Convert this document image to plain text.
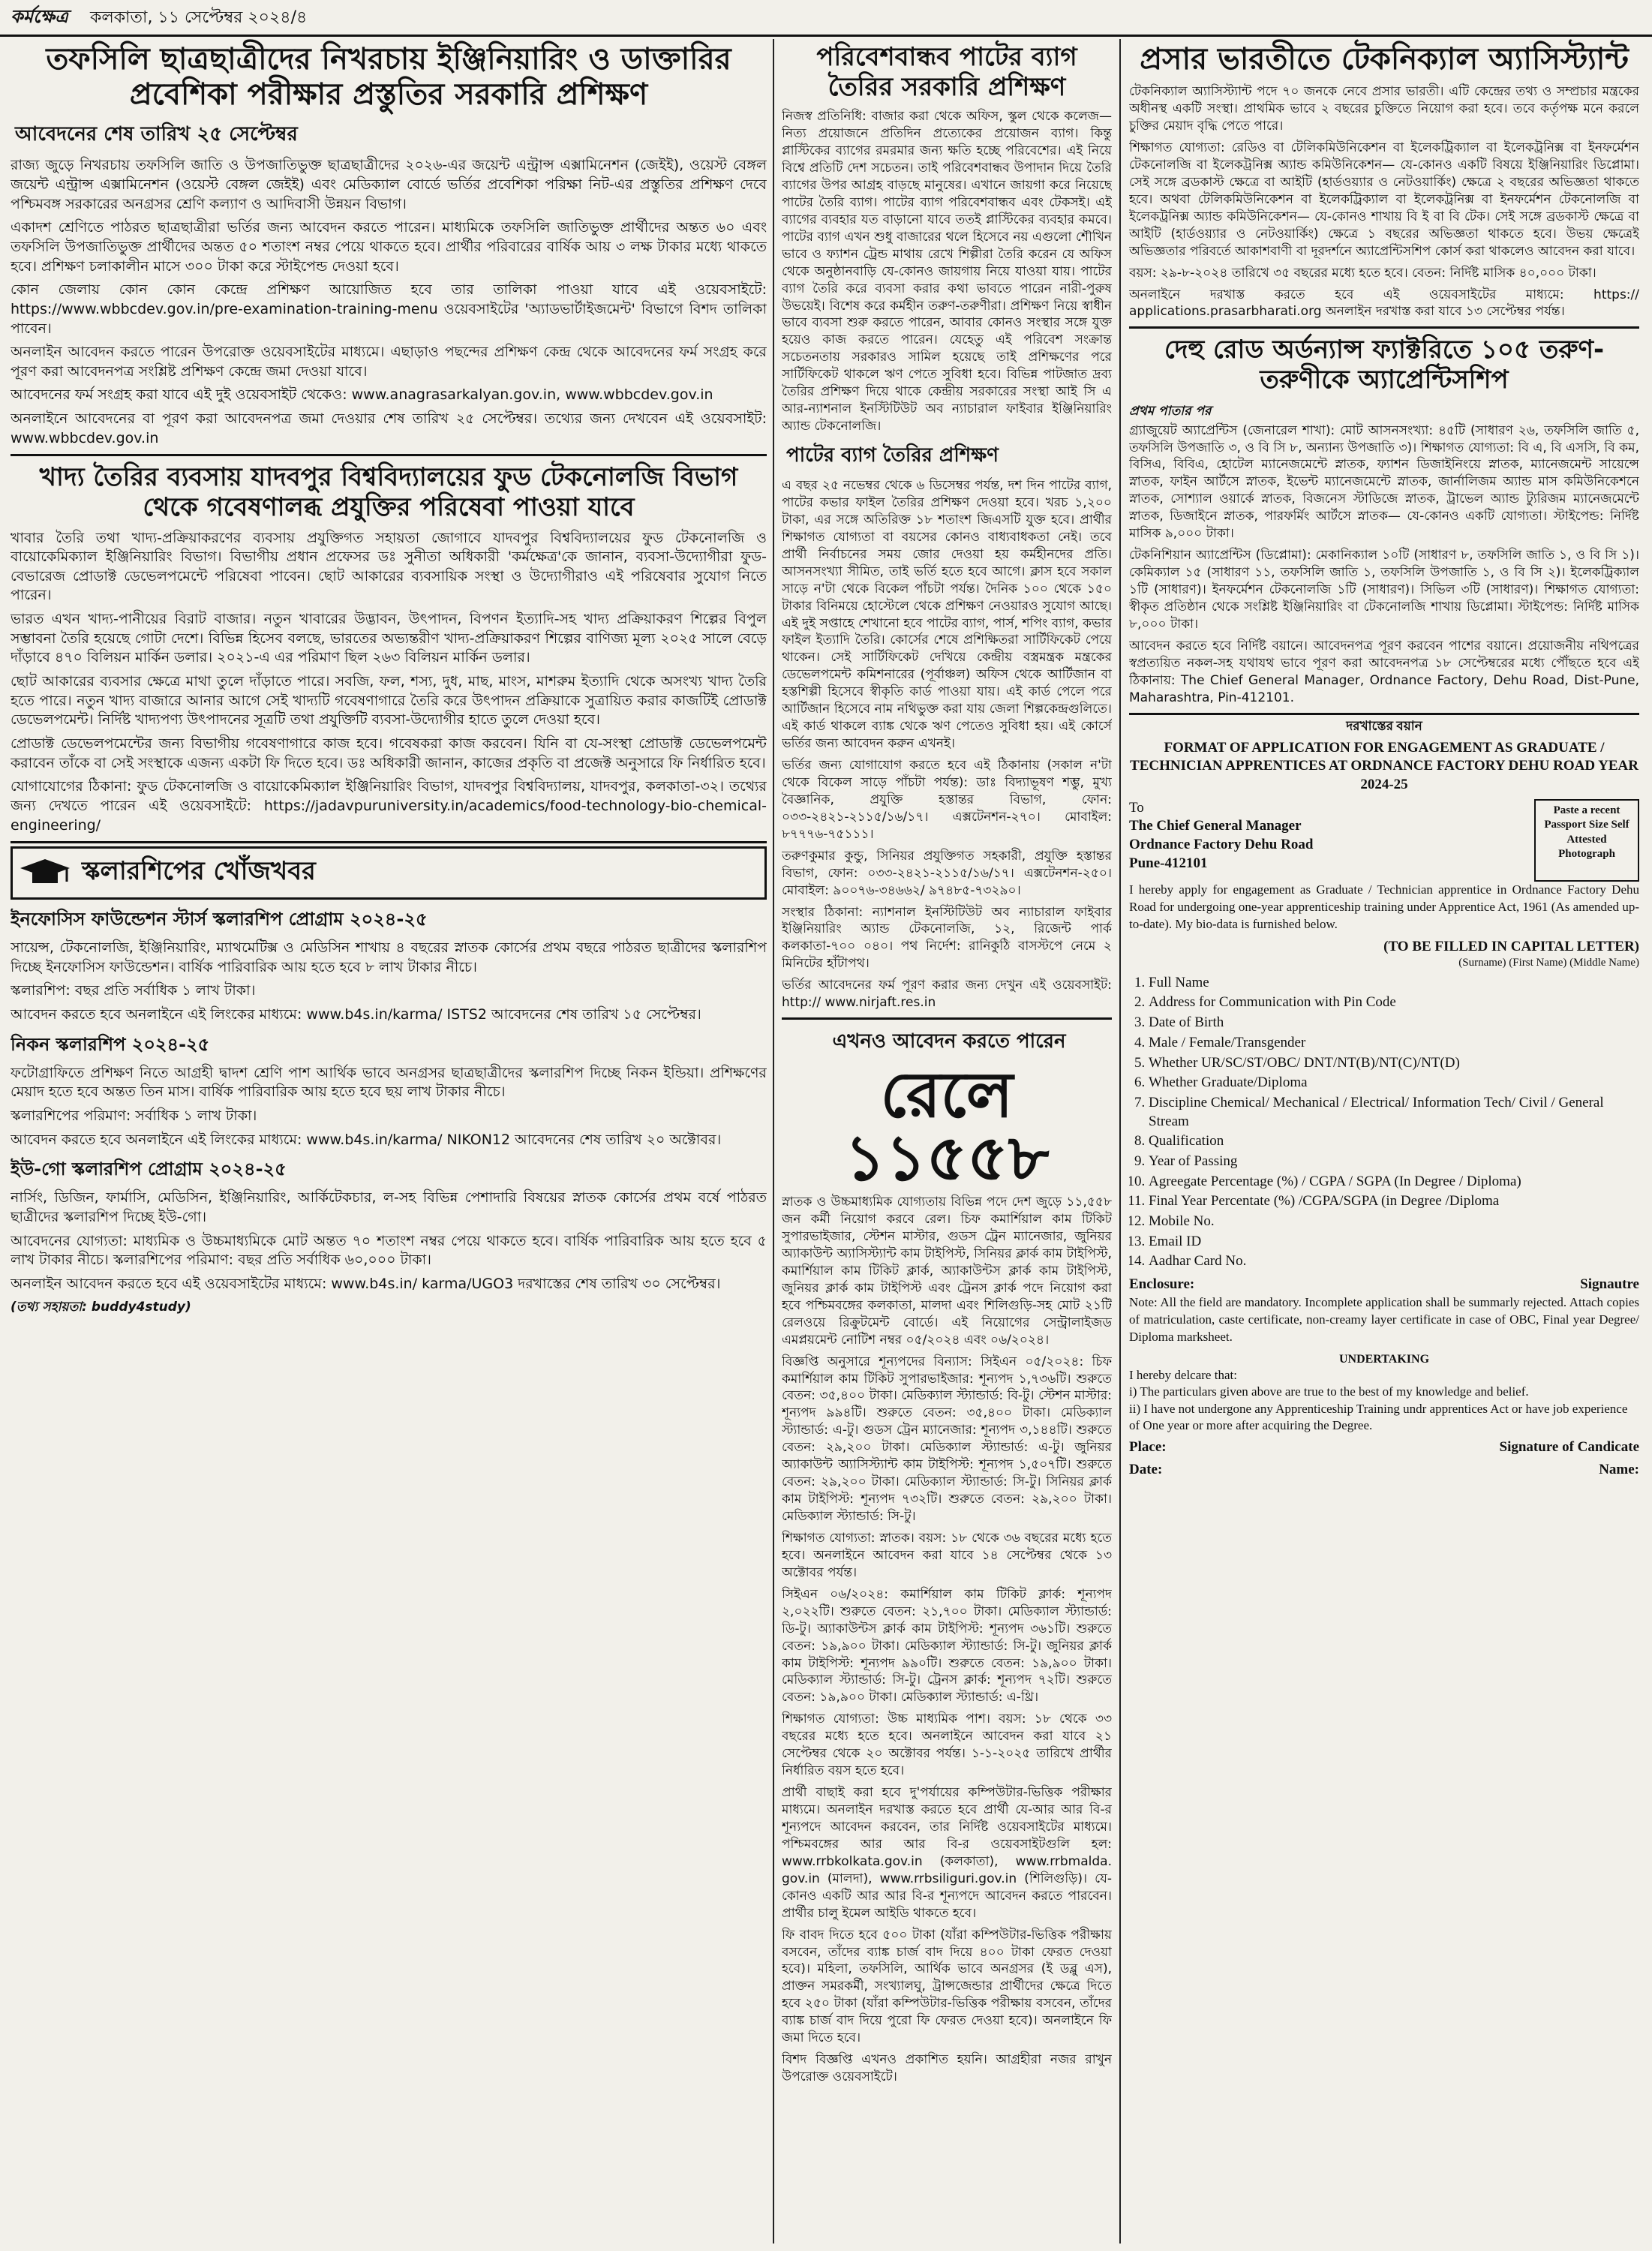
কর্মক্ষেত্র কলকাতা, ১১ সেপ্টেম্বর ২০২৪/৪
তফসিলি ছাত্রছাত্রীদের নিখরচায় ইঞ্জিনিয়ারিং ও ডাক্তারির প্রবেশিকা পরীক্ষার প্রস্তুতির সরকারি প্রশিক্ষণ
আবেদনের শেষ তারিখ ২৫ সেপ্টেম্বর

রাজ্য জুড়ে নিখরচায় তফসিলি জাতি ও উপজাতিভুক্ত ছাত্রছাত্রীদের ২০২৬-এর জয়েন্ট এন্ট্রান্স এক্সামিনেশন (জেইই), ওয়েস্ট বেঙ্গল জয়েন্ট এন্ট্রান্স এক্সামিনেশন (ওয়েস্ট বেঙ্গল জেইই) এবং মেডিক্যাল বোর্ডে ভর্তির প্রবেশিকা পরিক্ষা নিট-এর প্রস্তুতির প্রশিক্ষণ দেবে পশ্চিমবঙ্গ সরকারের অনগ্রসর শ্রেণি কল্যাণ ও আদিবাসী উন্নয়ন বিভাগ।

একাদশ শ্রেণিতে পাঠরত ছাত্রছাত্রীরা ভর্তির জন্য আবেদন করতে পারেন। মাধ্যমিকে তফসিলি জাতিভুক্ত প্রার্থীদের অন্তত ৬০ এবং তফসিলি উপজাতিভুক্ত প্রার্থীদের অন্তত ৫০ শতাংশ নম্বর পেয়ে থাকতে হবে। প্রার্থীর পরিবারের বার্ষিক আয় ৩ লক্ষ টাকার মধ্যে থাকতে হবে। প্রশিক্ষণ চলাকালীন মাসে ৩০০ টাকা করে স্টাইপেন্ড দেওয়া হবে।

কোন জেলায় কোন কোন কেন্দ্রে প্রশিক্ষণ আয়োজিত হবে তার তালিকা পাওয়া যাবে এই ওয়েবসাইটে: https://www.wbbcdev.gov.in/pre-examination-training-menu ওয়েবসাইটের 'অ্যাডভার্টাইজমেন্ট' বিভাগে বিশদ তালিকা পাবেন।

অনলাইন আবেদন করতে পারেন উপরোক্ত ওয়েবসাইটের মাধ্যমে। এছাড়াও পছন্দের প্রশিক্ষণ কেন্দ্র থেকে আবেদনের ফর্ম সংগ্রহ করে পূরণ করা আবেদনপত্র সংশ্লিষ্ট প্রশিক্ষণ কেন্দ্রে জমা দেওয়া যাবে।

আবেদনের ফর্ম সংগ্রহ করা যাবে এই দুই ওয়েবসাইট থেকেও: www.anagrasarkalyan.gov.in, www.wbbcdev.gov.in

অনলাইনে আবেদনের বা পূরণ করা আবেদনপত্র জমা দেওয়ার শেষ তারিখ ২৫ সেপ্টেম্বর। তথ্যের জন্য দেখবেন এই ওয়েবসাইট: www.wbbcdev.gov.in

খাদ্য তৈরির ব্যবসায় যাদবপুর বিশ্ববিদ্যালয়ের ফুড টেকনোলজি বিভাগ থেকে গবেষণালব্ধ প্রযুক্তির পরিষেবা পাওয়া যাবে

খাবার তৈরি তথা খাদ্য-প্রক্রিয়াকরণের ব্যবসায় প্রযুক্তিগত সহায়তা জোগাবে যাদবপুর বিশ্ববিদ্যালয়ের ফুড টেকনোলজি ও বায়োকেমিক্যাল ইঞ্জিনিয়ারিং বিভাগ। বিভাগীয় প্রধান প্রফেসর ডঃ সুনীতা অধিকারী 'কর্মক্ষেত্র'কে জানান, ব্যবসা-উদ্যোগীরা ফুড-বেভারেজ প্রোডাক্ট ডেভেলপমেন্টে পরিষেবা পাবেন। ছোট আকারের ব্যবসায়িক সংস্থা ও উদ্যোগীরাও এই পরিষেবার সুযোগ নিতে পারেন।

ভারত এখন খাদ্য-পানীয়ের বিরাট বাজার। নতুন খাবারের উদ্ভাবন, উৎপাদন, বিপণন ইত্যাদি-সহ খাদ্য প্রক্রিয়াকরণ শিল্পের বিপুল সম্ভাবনা তৈরি হয়েছে গোটা দেশে। বিভিন্ন হিসেব বলছে, ভারতের অভ্যন্তরীণ খাদ্য-প্রক্রিয়াকরণ শিল্পের বাণিজ্য মূল্য ২০২৫ সালে বেড়ে দাঁড়াবে ৪৭০ বিলিয়ন মার্কিন ডলার। ২০২১-এ এর পরিমাণ ছিল ২৬৩ বিলিয়ন মার্কিন ডলার।

ছোট আকারের ব্যবসার ক্ষেত্রে মাথা তুলে দাঁড়াতে পারে। সবজি, ফল, শস্য, দুধ, মাছ, মাংস, মাশরুম ইত্যাদি থেকে অসংখ্য খাদ্য তৈরি হতে পারে। নতুন খাদ্য বাজারে আনার আগে সেই খাদ্যটি গবেষণাগারে তৈরি করে উৎপাদন প্রক্রিয়াকে সুত্রায়িত করার কাজটিই প্রোডাক্ট ডেভেলপমেন্ট। নির্দিষ্ট খাদ্যপণ্য উৎপাদনের সূত্রটি তথা প্রযুক্তিটি ব্যবসা-উদ্যোগীর হাতে তুলে দেওয়া হবে।

প্রোডাক্ট ডেভেলপমেন্টের জন্য বিভাগীয় গবেষণাগারে কাজ হবে। গবেষকরা কাজ করবেন। যিনি বা যে-সংস্থা প্রোডাক্ট ডেভেলপমেন্ট করাবেন তাঁকে বা সেই সংস্থাকে এজন্য একটা ফি দিতে হবে। ডঃ অধিকারী জানান, কাজের প্রকৃতি বা প্রজেক্ট অনুসারে ফি নির্ধারিত হবে।

যোগাযোগের ঠিকানা: ফুড টেকনোলজি ও বায়োকেমিক্যাল ইঞ্জিনিয়ারিং বিভাগ, যাদবপুর বিশ্ববিদ্যালয়, যাদবপুর, কলকাতা-৩২। তথ্যের জন্য দেখতে পারেন এই ওয়েবসাইটে: https://jadavpuruniversity.in/academics/food-technology-bio-chemical-engineering/

স্কলারশিপের খোঁজখবর
ইনফোসিস ফাউন্ডেশন স্টার্স স্কলারশিপ প্রোগ্রাম ২০২৪-২৫

সায়েন্স, টেকনোলজি, ইঞ্জিনিয়ারিং, ম্যাথমেটিক্স ও মেডিসিন শাখায় ৪ বছরের স্নাতক কোর্সের প্রথম বছরে পাঠরত ছাত্রীদের স্কলারশিপ দিচ্ছে ইনফোসিস ফাউন্ডেশন। বার্ষিক পারিবারিক আয় হতে হবে ৮ লাখ টাকার নীচে।

স্কলারশিপ: বছর প্রতি সর্বাধিক ১ লাখ টাকা।

আবেদন করতে হবে অনলাইনে এই লিংকের মাধ্যমে: www.b4s.in/karma/ ISTS2 আবেদনের শেষ তারিখ ১৫ সেপ্টেম্বর।

নিকন স্কলারশিপ ২০২৪-২৫

ফটোগ্রাফিতে প্রশিক্ষণ নিতে আগ্রহী দ্বাদশ শ্রেণি পাশ আর্থিক ভাবে অনগ্রসর ছাত্রছাত্রীদের স্কলারশিপ দিচ্ছে নিকন ইন্ডিয়া। প্রশিক্ষণের মেয়াদ হতে হবে অন্তত তিন মাস। বার্ষিক পারিবারিক আয় হতে হবে ছয় লাখ টাকার নীচে।

স্কলারশিপের পরিমাণ: সর্বাধিক ১ লাখ টাকা।

আবেদন করতে হবে অনলাইনে এই লিংকের মাধ্যমে: www.b4s.in/karma/ NIKON12 আবেদনের শেষ তারিখ ২০ অক্টোবর।

ইউ-গো স্কলারশিপ প্রোগ্রাম ২০২৪-২৫

নার্সিং, ডিজিন, ফার্মাসি, মেডিসিন, ইঞ্জিনিয়ারিং, আর্কিটেকচার, ল-সহ বিভিন্ন পেশাদারি বিষয়ের স্নাতক কোর্সের প্রথম বর্ষে পাঠরত ছাত্রীদের স্কলারশিপ দিচ্ছে ইউ-গো।

আবেদনের যোগ্যতা: মাধ্যমিক ও উচ্চমাধ্যমিকে মোট অন্তত ৭০ শতাংশ নম্বর পেয়ে থাকতে হবে। বার্ষিক পারিবারিক আয় হতে হবে ৫ লাখ টাকার নীচে। স্কলারশিপের পরিমাণ: বছর প্রতি সর্বাধিক ৬০,০০০ টাকা।

অনলাইন আবেদন করতে হবে এই ওয়েবসাইটের মাধ্যমে: www.b4s.in/ karma/UGO3 দরখাস্তের শেষ তারিখ ৩০ সেপ্টেম্বর।

(তথ্য সহায়তা: buddy4study)

পরিবেশবান্ধব পাটের ব্যাগ তৈরির সরকারি প্রশিক্ষণ

নিজস্ব প্রতিনিধি: বাজার করা থেকে অফিস, স্কুল থেকে কলেজ— নিত্য প্রয়োজনে প্রতিদিন প্রত্যেকের প্রয়োজন ব্যাগ। কিন্তু প্লাস্টিকের ব্যাগের রমরমার জন্য ক্ষতি হচ্ছে পরিবেশের। এই নিয়ে বিশ্বে প্রতিটি দেশ সচেতন। তাই পরিবেশবান্ধব উপাদান দিয়ে তৈরি ব্যাগের উপর আগ্রহ বাড়ছে মানুষের। এখানে জায়গা করে নিয়েছে পাটের তৈরি ব্যাগ। পাটের ব্যাগ পরিবেশবান্ধব এবং টেকসই। এই ব্যাগের ব্যবহার যত বাড়ানো যাবে ততই প্লাস্টিকের ব্যবহার কমবে। পাটের ব্যাগ এখন শুধু বাজারের থলে হিসেবে নয় এগুলো শৌখিন ভাবে ও ফ্যাশন ট্রেন্ড মাথায় রেখে শিল্পীরা তৈরি করেন যে অফিস থেকে অনুষ্ঠানবাড়ি যে-কোনও জায়গায় নিয়ে যাওয়া যায়। পাটের ব্যাগ তৈরি করে ব্যবসা করার কথা ভাবতে পারেন নারী-পুরুষ উভয়েই। বিশেষ করে কর্মহীন তরুণ-তরুণীরা। প্রশিক্ষণ নিয়ে স্বাধীন ভাবে ব্যবসা শুরু করতে পারেন, আবার কোনও সংস্থার সঙ্গে যুক্ত হয়েও কাজ করতে পারেন। যেহেতু এই পরিবেশ সংক্রান্ত সচেতনতায় সরকারও সামিল হয়েছে তাই প্রশিক্ষণের পরে সার্টিফিকেট থাকলে ঋণ পেতে সুবিধা হবে। বিভিন্ন পাটজাত দ্রব্য তৈরির প্রশিক্ষণ দিয়ে থাকে কেন্দ্রীয় সরকারের সংস্থা আই সি এ আর-ন্যাশনাল ইনস্টিটিউট অব ন্যাচারাল ফাইবার ইঞ্জিনিয়ারিং অ্যান্ড টেকনোলজি।

পাটের ব্যাগ তৈরির প্রশিক্ষণ

এ বছর ২৫ নভেম্বর থেকে ৬ ডিসেম্বর পর্যন্ত, দশ দিন পাটের ব্যাগ, পাটের কভার ফাইল তৈরির প্রশিক্ষণ দেওয়া হবে। খরচ ১,২০০ টাকা, এর সঙ্গে অতিরিক্ত ১৮ শতাংশ জিএসটি যুক্ত হবে। প্রার্থীর শিক্ষাগত যোগ্যতা বা বয়সের কোনও বাধ্যবাধকতা নেই। তবে প্রার্থী নির্বাচনের সময় জোর দেওয়া হয় কর্মহীনদের প্রতি। আসনসংখ্যা সীমিত, তাই ভর্তি হতে হবে আগে। ক্লাস হবে সকাল সাড়ে ন'টা থেকে বিকেল পাঁচটা পর্যন্ত। দৈনিক ১০০ থেকে ১৫০ টাকার বিনিময়ে হোস্টেলে থেকে প্রশিক্ষণ নেওয়ারও সুযোগ আছে। এই দুই সপ্তাহে শেখানো হবে পাটের ব্যাগ, পার্স, শপিং ব্যাগ, কভার ফাইল ইত্যাদি তৈরি। কোর্সের শেষে প্রশিক্ষিতরা সার্টিফিকেট পেয়ে থাকেন। সেই সার্টিফিকেট দেখিয়ে কেন্দ্রীয় বস্ত্রমন্ত্রক মন্ত্রকের ডেভেলপমেন্ট কমিশনারের (পূর্বাঞ্চল) অফিস থেকে আর্টিজান বা হস্তশিল্পী হিসেবে স্বীকৃতি কার্ড পাওয়া যায়। এই কার্ড পেলে পরে আর্টিজান হিসেবে নাম নথিভুক্ত করা যায় জেলা শিল্পকেন্দ্রগুলিতে। এই কার্ড থাকলে ব্যাঙ্ক থেকে ঋণ পেতেও সুবিধা হয়। এই কোর্সে ভর্তির জন্য আবেদন করুন এখনই।

ভর্তির জন্য যোগাযোগ করতে হবে এই ঠিকানায় (সকাল ন'টা থেকে বিকেল সাড়ে পাঁচটা পর্যন্ত): ডাঃ বিদ্যাভূষণ শম্ভু, মুখ্য বৈজ্ঞানিক, প্রযুক্তি হস্তান্তর বিভাগ, ফোন: ০৩৩-২৪২১-২১১৫/১৬/১৭। এক্সটেনশন-২৭০। মোবাইল: ৮৭৭৭৬-৭৫১১১।

তরুণকুমার কুন্ডু, সিনিয়র প্রযুক্তিগত সহকারী, প্রযুক্তি হস্তান্তর বিভাগ, ফোন: ০৩৩-২৪২১-২১১৫/১৬/১৭। এক্সটেনশন-২৫০। মোবাইল: ৯০০৭৬-৩৪৬৬২/ ৯৭৪৮৫-৭৩২৯০।

সংস্থার ঠিকানা: ন্যাশনাল ইনস্টিটিউট অব ন্যাচারাল ফাইবার ইঞ্জিনিয়ারিং অ্যান্ড টেকনোলজি, ১২, রিজেন্ট পার্ক কলকাতা-৭০০ ০৪০। পথ নির্দেশ: রানিকুঠি বাসস্টপে নেমে ২ মিনিটের হাঁটাপথ।

ভর্তির আবেদনের ফর্ম পূরণ করার জন্য দেখুন এই ওয়েবসাইট: http:// www.nirjaft.res.in

এখনও আবেদন করতে পারেন
রেলে ১১৫৫৮

স্নাতক ও উচ্চমাধ্যমিক যোগ্যতায় বিভিন্ন পদে দেশ জুড়ে ১১,৫৫৮ জন কর্মী নিয়োগ করবে রেল। চিফ কমার্শিয়াল কাম টিকিট সুপারভাইজার, স্টেশন মাস্টার, গুডস ট্রেন ম্যানেজার, জুনিয়র অ্যাকাউন্ট অ্যাসিস্ট্যান্ট কাম টাইপিস্ট, সিনিয়র ক্লার্ক কাম টাইপিস্ট, কমার্শিয়াল কাম টিকিট ক্লার্ক, অ্যাকাউন্টস ক্লার্ক কাম টাইপিস্ট, জুনিয়র ক্লার্ক কাম টাইপিস্ট এবং ট্রেনস ক্লার্ক পদে নিয়োগ করা হবে পশ্চিমবঙ্গের কলকাতা, মালদা এবং শিলিগুড়ি-সহ মোট ২১টি রেলওয়ে রিক্রুটমেন্ট বোর্ডে। এই নিয়োগের সেন্ট্রালাইজড এমপ্লয়মেন্ট নোটিশ নম্বর ০৫/২০২৪ এবং ০৬/২০২৪।

বিজ্ঞপ্তি অনুসারে শূন্যপদের বিন্যাস: সিইএন ০৫/২০২৪: চিফ কমার্শিয়াল কাম টিকিট সুপারভাইজার: শূন্যপদ ১,৭৩৬টি। শুরুতে বেতন: ৩৫,৪০০ টাকা। মেডিক্যাল স্ট্যান্ডার্ড: বি-টু। স্টেশন মাস্টার: শূন্যপদ ৯৯৪টি। শুরুতে বেতন: ৩৫,৪০০ টাকা। মেডিক্যাল স্ট্যান্ডার্ড: এ-টু। গুডস ট্রেন ম্যানেজার: শূন্যপদ ৩,১৪৪টি। শুরুতে বেতন: ২৯,২০০ টাকা। মেডিক্যাল স্ট্যান্ডার্ড: এ-টু। জুনিয়র অ্যাকাউন্ট অ্যাসিস্ট্যান্ট কাম টাইপিস্ট: শূন্যপদ ১,৫০৭টি। শুরুতে বেতন: ২৯,২০০ টাকা। মেডিক্যাল স্ট্যান্ডার্ড: সি-টু। সিনিয়র ক্লার্ক কাম টাইপিস্ট: শূন্যপদ ৭৩২টি। শুরুতে বেতন: ২৯,২০০ টাকা। মেডিক্যাল স্ট্যান্ডার্ড: সি-টু।

শিক্ষাগত যোগ্যতা: স্নাতক। বয়স: ১৮ থেকে ৩৬ বছরের মধ্যে হতে হবে। অনলাইনে আবেদন করা যাবে ১৪ সেপ্টেম্বর থেকে ১৩ অক্টোবর পর্যন্ত।

সিইএন ০৬/২০২৪: কমার্শিয়াল কাম টিকিট ক্লার্ক: শূন্যপদ ২,০২২টি। শুরুতে বেতন: ২১,৭০০ টাকা। মেডিক্যাল স্ট্যান্ডার্ড: ডি-টু। অ্যাকাউন্টস ক্লার্ক কাম টাইপিস্ট: শূন্যপদ ৩৬১টি। শুরুতে বেতন: ১৯,৯০০ টাকা। মেডিক্যাল স্ট্যান্ডার্ড: সি-টু। জুনিয়র ক্লার্ক কাম টাইপিস্ট: শূন্যপদ ৯৯০টি। শুরুতে বেতন: ১৯,৯০০ টাকা। মেডিক্যাল স্ট্যান্ডার্ড: সি-টু। ট্রেনস ক্লার্ক: শূন্যপদ ৭২টি। শুরুতে বেতন: ১৯,৯০০ টাকা। মেডিক্যাল স্ট্যান্ডার্ড: এ-থ্রি।

শিক্ষাগত যোগ্যতা: উচ্চ মাধ্যমিক পাশ। বয়স: ১৮ থেকে ৩৩ বছরের মধ্যে হতে হবে। অনলাইনে আবেদন করা যাবে ২১ সেপ্টেম্বর থেকে ২০ অক্টোবর পর্যন্ত। ১-১-২০২৫ তারিখে প্রার্থীর নির্ধারিত বয়স হতে হবে।

প্রার্থী বাছাই করা হবে দু'পর্যায়ের কম্পিউটার-ভিত্তিক পরীক্ষার মাধ্যমে। অনলাইন দরখাস্ত করতে হবে প্রার্থী যে-আর আর বি-র শূন্যপদে আবেদন করবেন, তার নির্দিষ্ট ওয়েবসাইটের মাধ্যমে। পশ্চিমবঙ্গের আর আর বি-র ওয়েবসাইটগুলি হল: www.rrbkolkata.gov.in (কলকাতা), www.rrbmalda. gov.in (মালদা), www.rrbsiliguri.gov.in (শিলিগুড়ি)। যে-কোনও একটি আর আর বি-র শূন্যপদে আবেদন করতে পারবেন। প্রার্থীর চালু ইমেল আইডি থাকতে হবে।

ফি বাবদ দিতে হবে ৫০০ টাকা (যাঁরা কম্পিউটার-ভিত্তিক পরীক্ষায় বসবেন, তাঁদের ব্যাঙ্ক চার্জ বাদ দিয়ে ৪০০ টাকা ফেরত দেওয়া হবে)। মহিলা, তফসিলি, আর্থিক ভাবে অনগ্রসর (ই ডব্লু এস), প্রাক্তন সমরকর্মী, সংখ্যালঘু, ট্রান্সজেন্ডার প্রার্থীদের ক্ষেত্রে দিতে হবে ২৫০ টাকা (যাঁরা কম্পিউটার-ভিত্তিক পরীক্ষায় বসবেন, তাঁদের ব্যাঙ্ক চার্জ বাদ দিয়ে পুরো ফি ফেরত দেওয়া হবে)। অনলাইনে ফি জমা দিতে হবে।

বিশদ বিজ্ঞপ্তি এখনও প্রকাশিত হয়নি। আগ্রহীরা নজর রাখুন উপরোক্ত ওয়েবসাইটে।

প্রসার ভারতীতে টেকনিক্যাল অ্যাসিস্ট্যান্ট

টেকনিক্যাল অ্যাসিস্ট্যান্ট পদে ৭০ জনকে নেবে প্রসার ভারতী। এটি কেন্দ্রের তথ্য ও সম্প্রচার মন্ত্রকের অধীনস্থ একটি সংস্থা। প্রাথমিক ভাবে ২ বছরের চুক্তিতে নিয়োগ করা হবে। তবে কর্তৃপক্ষ মনে করলে চুক্তির মেয়াদ বৃদ্ধি পেতে পারে।

শিক্ষাগত যোগ্যতা: রেডিও বা টেলিকমিউনিকেশন বা ইলেকট্রিক্যাল বা ইলেকট্রনিক্স বা ইনফর্মেশন টেকনোলজি বা ইলেকট্রনিক্স অ্যান্ড কমিউনিকেশন— যে-কোনও একটি বিষয়ে ইঞ্জিনিয়ারিং ডিপ্লোমা। সেই সঙ্গে ব্রডকাস্ট ক্ষেত্রে বা আইটি (হার্ডওয়্যার ও নেটওয়ার্কিং) ক্ষেত্রে ২ বছরের অভিজ্ঞতা থাকতে হবে। অথবা টেলিকমিউনিকেশন বা ইলেকট্রিক্যাল বা ইলেকট্রনিক্স বা ইনফর্মেশন টেকনোলজি বা ইলেকট্রনিক্স অ্যান্ড কমিউনিকেশন— যে-কোনও শাখায় বি ই বা বি টেক। সেই সঙ্গে ব্রডকাস্ট ক্ষেত্রে বা আইটি (হার্ডওয়্যার ও নেটওয়ার্কিং) ক্ষেত্রে ১ বছরের অভিজ্ঞতা থাকতে হবে। উভয় ক্ষেত্রেই অভিজ্ঞতার পরিবর্তে আকাশবাণী বা দূরদর্শনে অ্যাপ্রেন্টিসশিপ কোর্স করা থাকলেও আবেদন করা যাবে।

বয়স: ২৯-৮-২০২৪ তারিখে ৩৫ বছরের মধ্যে হতে হবে। বেতন: নির্দিষ্ট মাসিক ৪০,০০০ টাকা।

অনলাইনে দরখাস্ত করতে হবে এই ওয়েবসাইটের মাধ্যমে: https:// applications.prasarbharati.org অনলাইন দরখাস্ত করা যাবে ১৩ সেপ্টেম্বর পর্যন্ত।

দেহু রোড অর্ডন্যান্স ফ্যাক্টরিতে ১০৫ তরুণ-তরুণীকে অ্যাপ্রেন্টিসশিপ
প্রথম পাতার পর

গ্র্যাজুয়েট অ্যাপ্রেন্টিস (জেনারেল শাখা): মোট আসনসংখ্যা: ৪৫টি (সাধারণ ২৬, তফসিলি জাতি ৫, তফসিলি উপজাতি ৩, ও বি সি ৮, অন্যান্য উপজাতি ৩)। শিক্ষাগত যোগ্যতা: বি এ, বি এসসি, বি কম, বিসিএ, বিবিএ, হোটেল ম্যানেজমেন্টে স্নাতক, ফ্যাশন ডিজাইনিংয়ে স্নাতক, ম্যানেজমেন্ট সায়েন্সে স্নাতক, ফাইন আর্টসে স্নাতক, ইভেন্ট ম্যানেজমেন্টে স্নাতক, জার্নালিজম অ্যান্ড মাস কমিউনিকেশনে স্নাতক, সোশ্যাল ওয়ার্কে স্নাতক, বিজনেস স্টাডিজে স্নাতক, ট্রাভেল অ্যান্ড ট্যুরিজম ম্যানেজমেন্টে স্নাতক, ডিজাইনে স্নাতক, পারফর্মিং আর্টসে স্নাতক— যে-কোনও একটি যোগ্যতা। স্টাইপেন্ড: নির্দিষ্ট মাসিক ৯,০০০ টাকা।

টেকনিশিয়ান অ্যাপ্রেন্টিস (ডিপ্লোমা): মেকানিক্যাল ১০টি (সাধারণ ৮, তফসিলি জাতি ১, ও বি সি ১)। কেমিক্যাল ১৫ (সাধারণ ১১, তফসিলি জাতি ১, তফসিলি উপজাতি ১, ও বি সি ২)। ইলেকট্রিক্যাল ১টি (সাধারণ)। ইনফর্মেশন টেকনোলজি ১টি (সাধারণ)। সিভিল ৩টি (সাধারণ)। শিক্ষাগত যোগ্যতা: স্বীকৃত প্রতিষ্ঠান থেকে সংশ্লিষ্ট ইঞ্জিনিয়ারিং বা টেকনোলজি শাখায় ডিপ্লোমা। স্টাইপেন্ড: নির্দিষ্ট মাসিক ৮,০০০ টাকা।

আবেদন করতে হবে নির্দিষ্ট বয়ানে। আবেদনপত্র পূরণ করবেন পাশের বয়ানে। প্রয়োজনীয় নথিপত্রের স্বপ্রত্যয়িত নকল-সহ যথাযথ ভাবে পূরণ করা আবেদনপত্র ১৮ সেপ্টেম্বরের মধ্যে পৌঁছতে হবে এই ঠিকানায়: The Chief General Manager, Ordnance Factory, Dehu Road, Dist-Pune, Maharashtra, Pin-412101.

দরখাস্তের বয়ান
FORMAT OF APPLICATION FOR ENGAGEMENT AS GRADUATE / TECHNICIAN APPRENTICES AT ORDNANCE FACTORY DEHU ROAD YEAR 2024-25
Paste a recent Passport Size Self Attested Photograph
To
The Chief General Manager
Ordnance Factory Dehu Road
Pune-412101

I hereby apply for engagement as Graduate / Technician apprentice in Ordnance Factory Dehu Road for undergoing one-year apprenticeship training under Apprentice Act, 1961 (As amended up-to-date). My bio-data is furnished below.

(TO BE FILLED IN CAPITAL LETTER)
(Surname) (First Name) (Middle Name)
1. Full Name
2. Address for Communication with Pin Code
3. Date of Birth
4. Male / Female/Transgender
5. Whether UR/SC/ST/OBC/ DNT/NT(B)/NT(C)/NT(D)
6. Whether Graduate/Diploma
7. Discipline Chemical/ Mechanical / Electrical/ Information Tech/ Civil / General Stream
8. Qualification
9. Year of Passing
10. Agreegate Percentage (%) / CGPA / SGPA (In Degree / Diploma)
11. Final Year Percentate (%) /CGPA/SGPA (in Degree /Diploma
12. Mobile No.
13. Email ID
14. Aadhar Card No.
Enclosure:	Signautre

Note: All the field are mandatory. Incomplete application shall be summarly rejected. Attach copies of matriculation, caste certificate, non-creamy layer certificate in case of OBC, Final year Degree/ Diploma marksheet.

UNDERTAKING
I hereby delcare that:
i) The particulars given above are true to the best of my knowledge and belief.
ii) I have not undergone any Apprenticeship Training undr apprentices Act or have job experience of One year or more after acquiring the Degree.
Place:	Signature of Candicate
Date:	Name:
